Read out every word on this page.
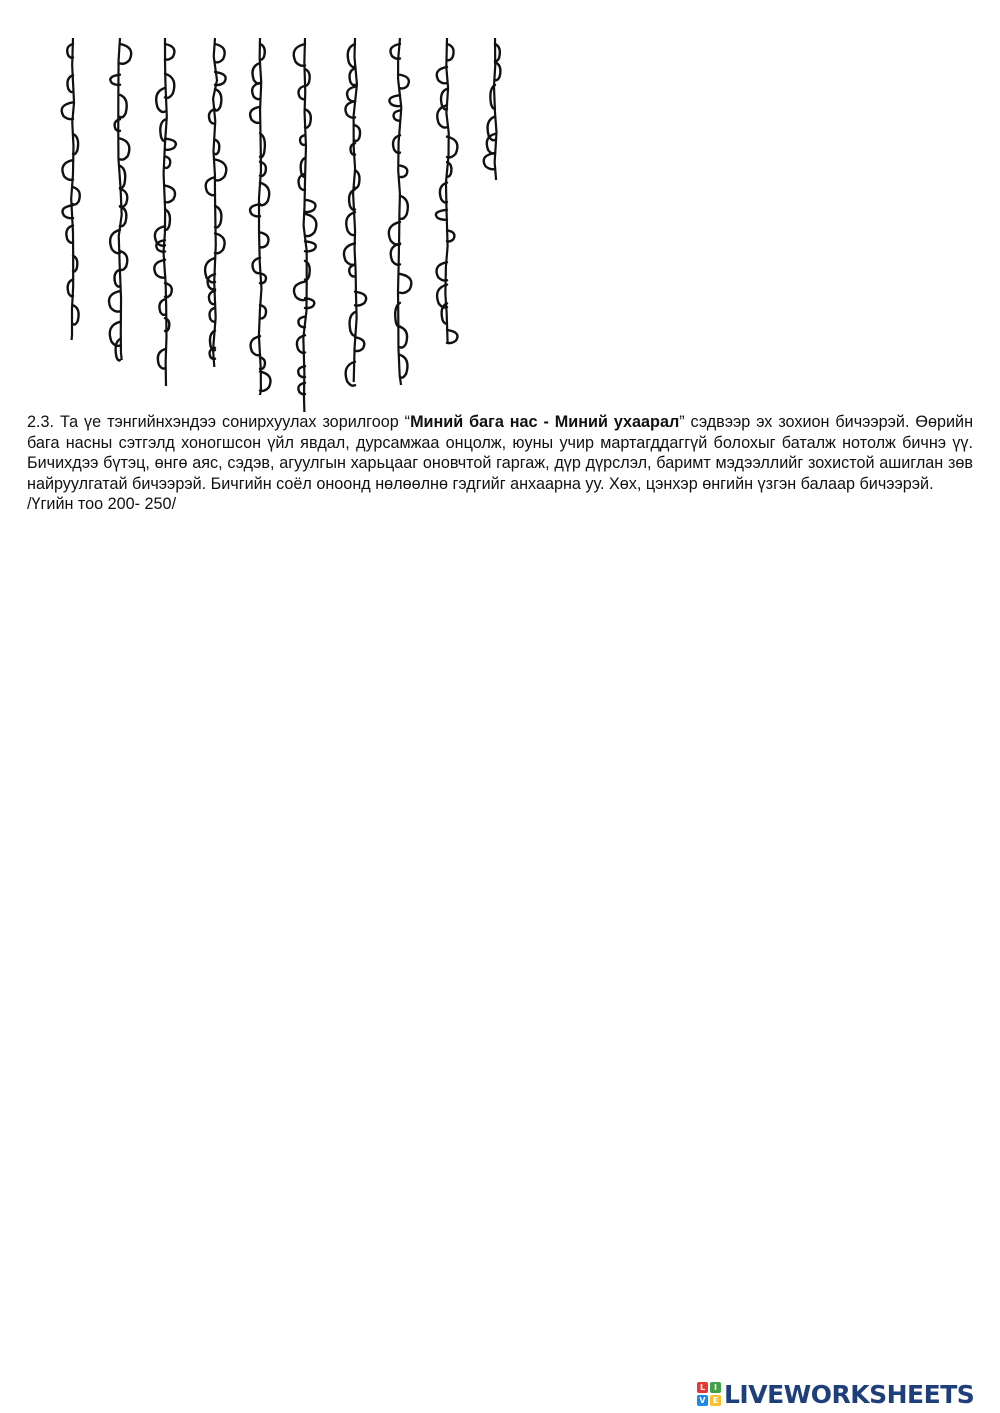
2.3. Та үе тэнгийнхэндээ сонирхуулах зорилгоор “Миний бага нас - Миний ухаарал” сэдвээр эх зохион бичээрэй. Өөрийн бага насны сэтгэлд хоногшсон үйл явдал, дурсамжаа онцолж, юуны учир мартагддаггүй болохыг баталж нотолж бичнэ үү. Бичихдээ бүтэц, өнгө аяс, сэдэв, агуулгын харьцааг оновчтой гаргаж, дүр дүрслэл, баримт мэдээллийг зохистой ашиглан зөв найруулгатай бичээрэй. Бичгийн соёл оноонд нөлөөлнө гэдгийг анхаарна уу. Хөх, цэнхэр өнгийн үзгэн балаар бичээрэй.
/Үгийн тоо 200- 250/
L	I
V E LIVEWORKSHEETS
